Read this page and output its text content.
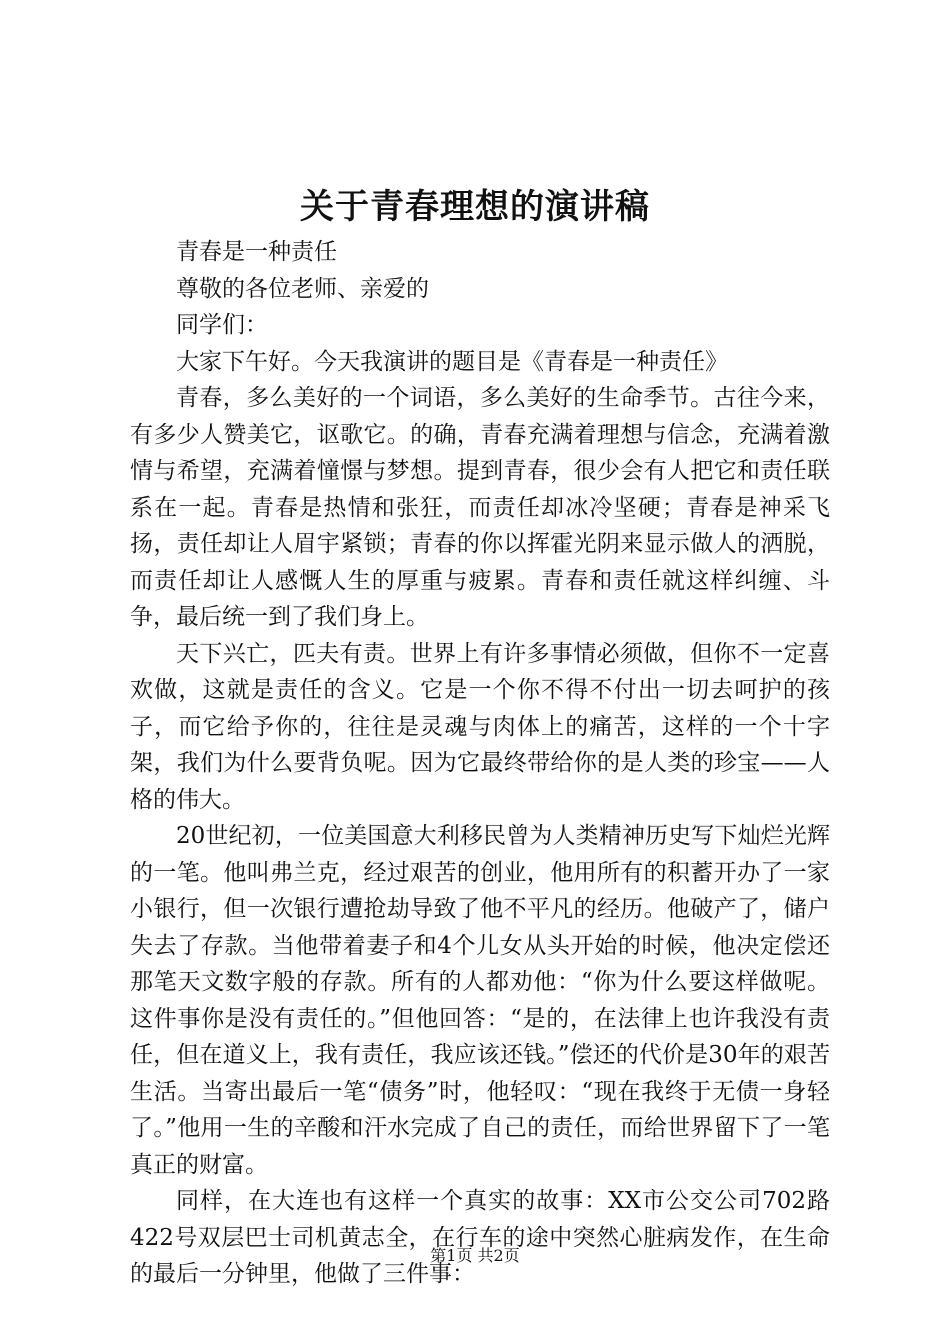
关于青春理想的演讲稿

青春是一种责任

尊敬的各位老师、亲爱的

同学们：

大家下午好。今天我演讲的题目是《青春是一种责任》

青春，多么美好的一个词语，多么美好的生命季节。古往今来，有多少人赞美它，讴歌它。的确，青春充满着理想与信念，充满着激情与希望，充满着憧憬与梦想。提到青春，很少会有人把它和责任联系在一起。青春是热情和张狂，而责任却冰冷坚硬；青春是神采飞扬，责任却让人眉宇紧锁；青春的你以挥霍光阴来显示做人的洒脱，而责任却让人感慨人生的厚重与疲累。青春和责任就这样纠缠、斗争，最后统一到了我们身上。

天下兴亡，匹夫有责。世界上有许多事情必须做，但你不一定喜欢做，这就是责任的含义。它是一个你不得不付出一切去呵护的孩子，而它给予你的，往往是灵魂与肉体上的痛苦，这样的一个十字架，我们为什么要背负呢。因为它最终带给你的是人类的珍宝——人格的伟大。

20世纪初，一位美国意大利移民曾为人类精神历史写下灿烂光辉的一笔。他叫弗兰克，经过艰苦的创业，他用所有的积蓄开办了一家小银行，但一次银行遭抢劫导致了他不平凡的经历。他破产了，储户失去了存款。当他带着妻子和4个儿女从头开始的时候，他决定偿还那笔天文数字般的存款。所有的人都劝他：“你为什么要这样做呢。这件事你是没有责任的。”但他回答：“是的，在法律上也许我没有责任，但在道义上，我有责任，我应该还钱。”偿还的代价是30年的艰苦生活。当寄出最后一笔“债务”时，他轻叹：“现在我终于无债一身轻了。”他用一生的辛酸和汗水完成了自己的责任，而给世界留下了一笔真正的财富。

同样，在大连也有这样一个真实的故事：XX市公交公司702路422号双层巴士司机黄志全，在行车的途中突然心脏病发作，在生命的最后一分钟里，他做了三件事：

第1页 共2页
